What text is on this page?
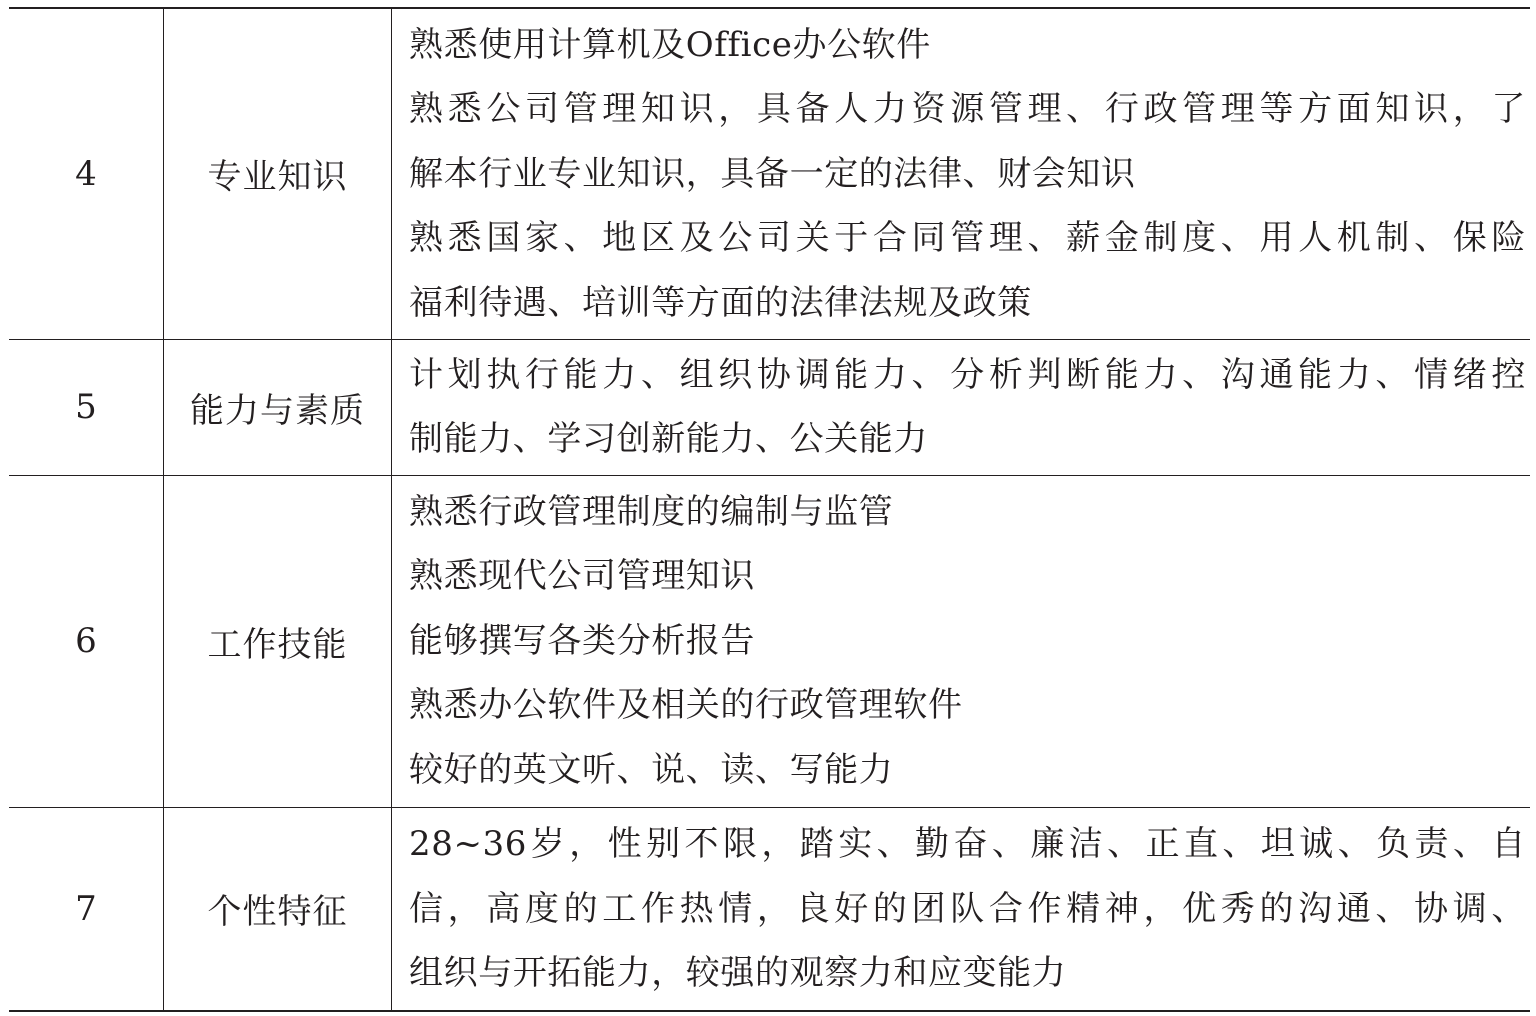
4	专业知识	熟悉使用计算机及Office办公软件
熟悉公司管理知识，具备人力资源管理、行政管理等方面知识，了
解本行业专业知识，具备一定的法律、财会知识
熟悉国家、地区及公司关于合同管理、薪金制度、用人机制、保险
福利待遇、培训等方面的法律法规及政策

5	能力与素质	计划执行能力、组织协调能力、分析判断能力、沟通能力、情绪控
制能力、学习创新能力、公关能力

6	工作技能	熟悉行政管理制度的编制与监管
熟悉现代公司管理知识
能够撰写各类分析报告
熟悉办公软件及相关的行政管理软件
较好的英文听、说、读、写能力

7	个性特征	28~36岁，性别不限，踏实、勤奋、廉洁、正直、坦诚、负责、自
信，高度的工作热情，良好的团队合作精神，优秀的沟通、协调、
组织与开拓能力，较强的观察力和应变能力
